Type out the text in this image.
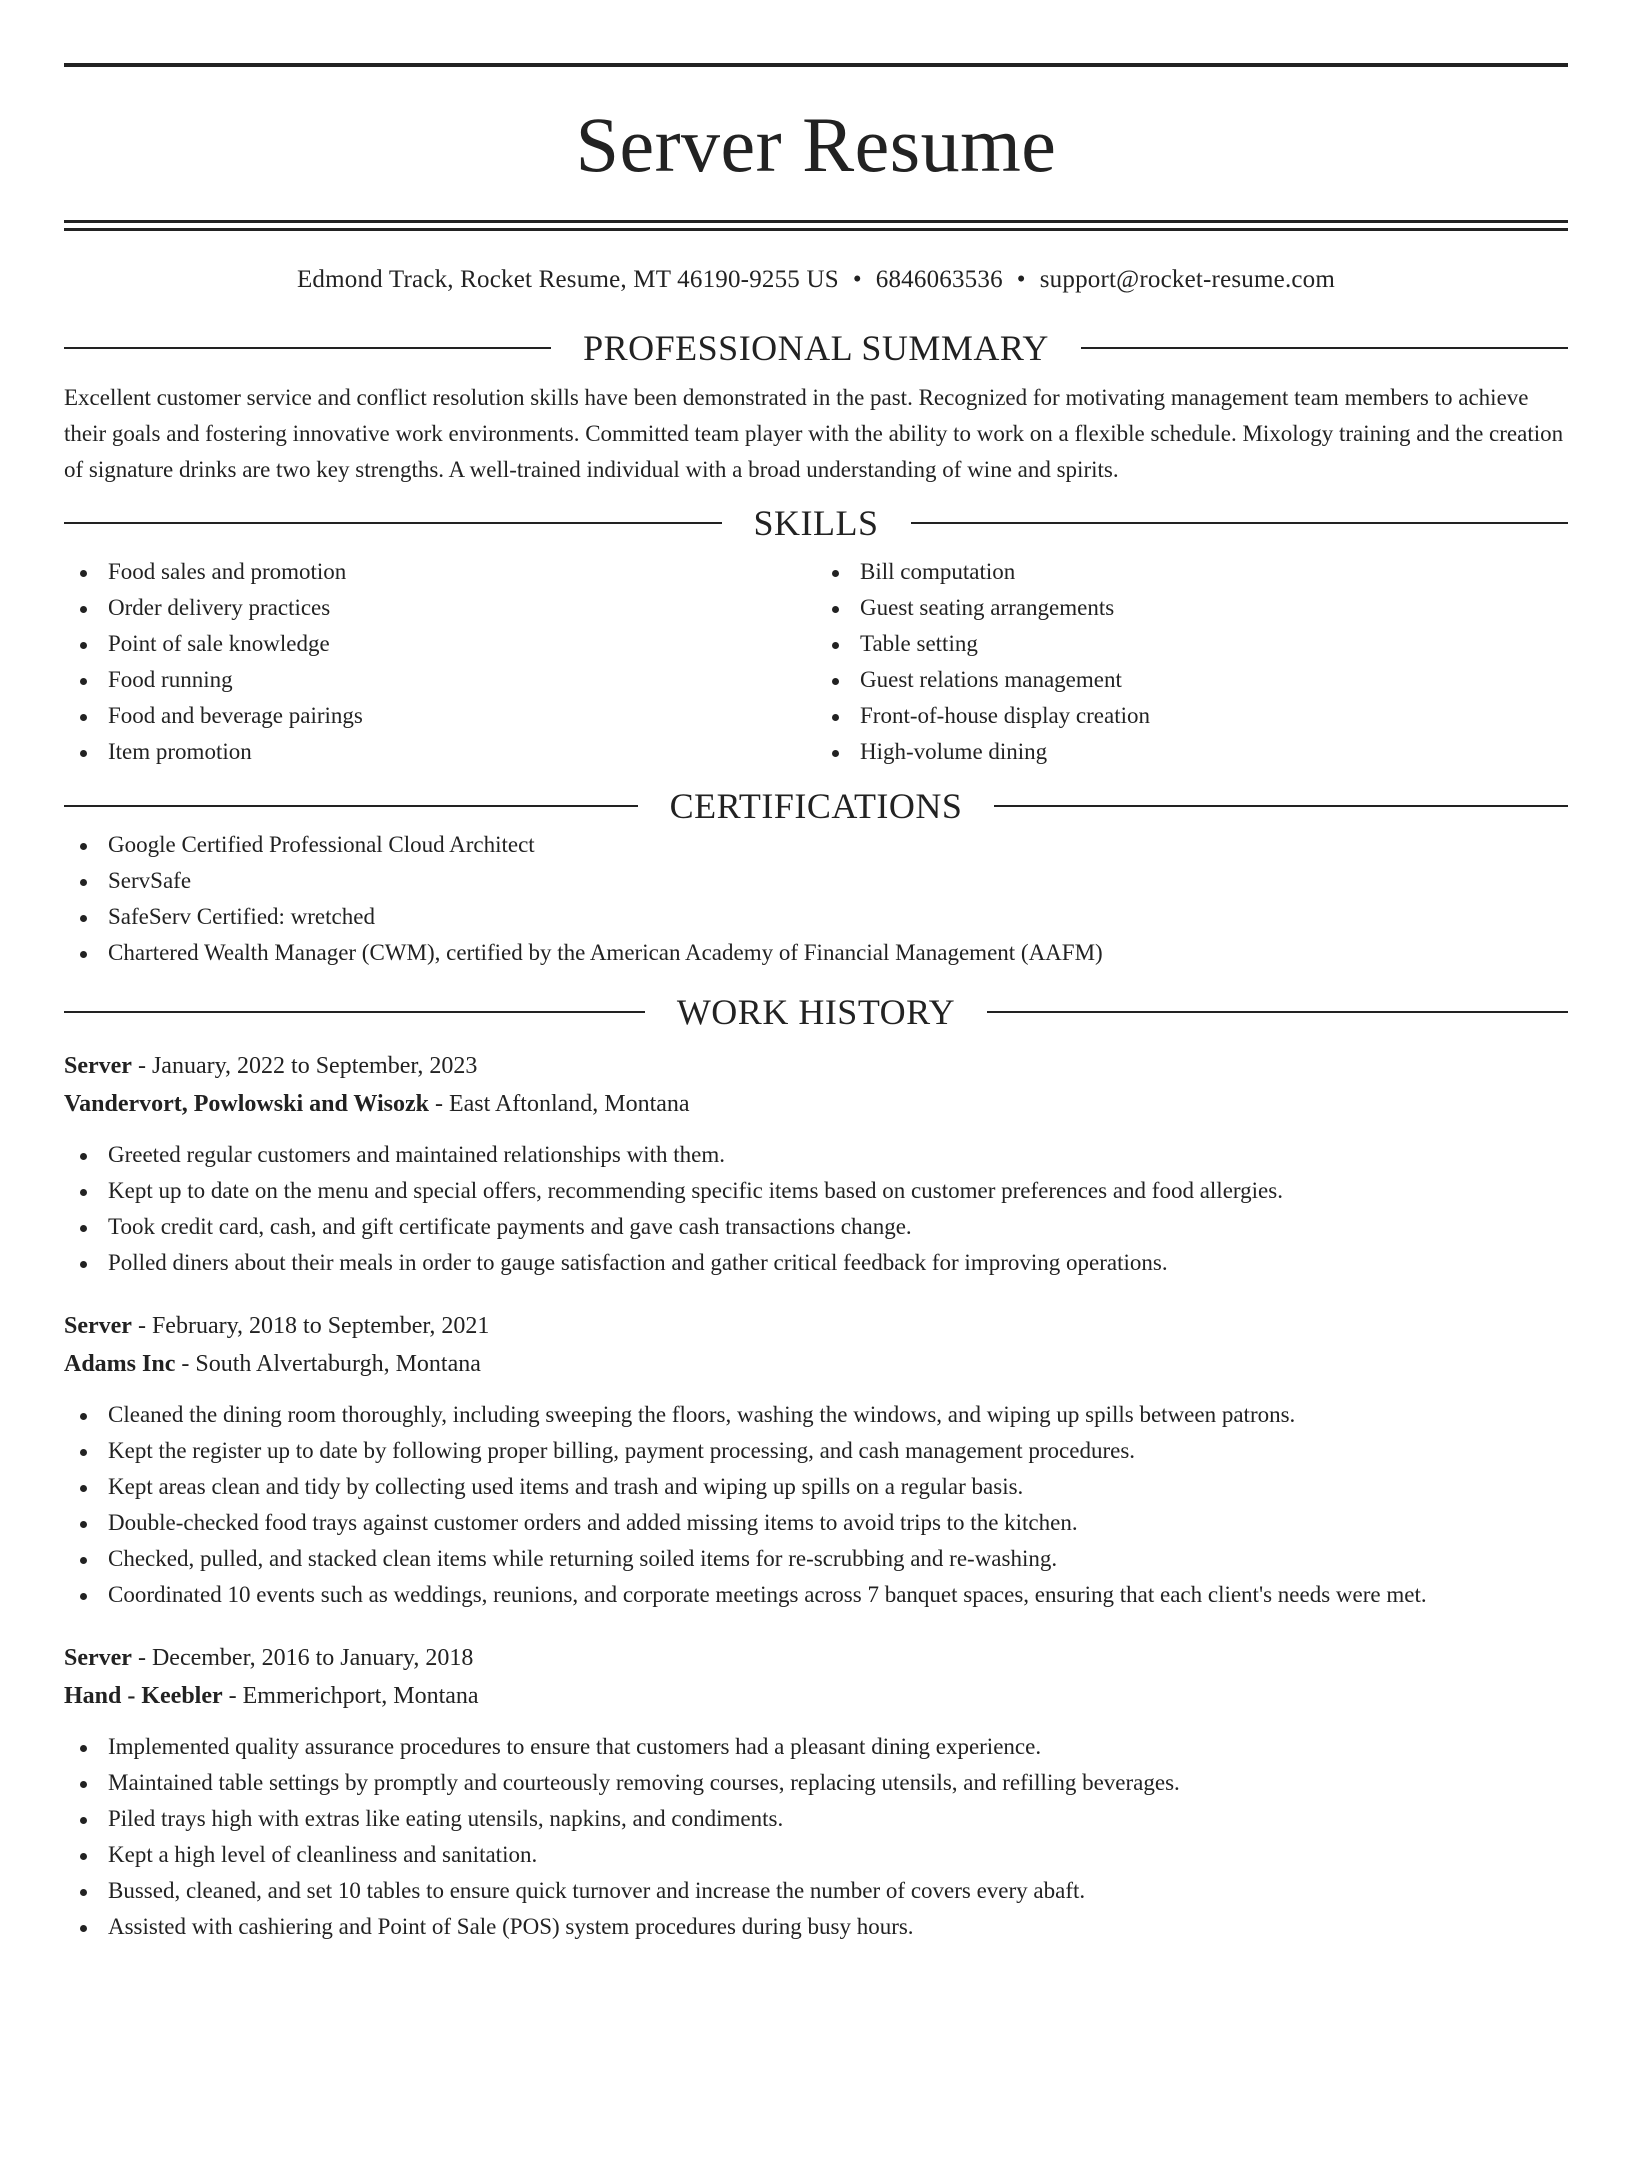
Server Resume
Edmond Track, Rocket Resume, MT 46190-9255 US • 6846063536 • support@rocket-resume.com
PROFESSIONAL SUMMARY

Excellent customer service and conflict resolution skills have been demonstrated in the past. Recognized for motivating management team members to achieve their goals and fostering innovative work environments. Committed team player with the ability to work on a flexible schedule. Mixology training and the creation of signature drinks are two key strengths. A well-trained individual with a broad understanding of wine and spirits.

SKILLS
Food sales and promotion
Order delivery practices
Point of sale knowledge
Food running
Food and beverage pairings
Item promotion
Bill computation
Guest seating arrangements
Table setting
Guest relations management
Front-of-house display creation
High-volume dining
CERTIFICATIONS
Google Certified Professional Cloud Architect
ServSafe
SafeServ Certified: wretched
Chartered Wealth Manager (CWM), certified by the American Academy of Financial Management (AAFM)
WORK HISTORY
Server - January, 2022 to September, 2023
Vandervort, Powlowski and Wisozk - East Aftonland, Montana
Greeted regular customers and maintained relationships with them.
Kept up to date on the menu and special offers, recommending specific items based on customer preferences and food allergies.
Took credit card, cash, and gift certificate payments and gave cash transactions change.
Polled diners about their meals in order to gauge satisfaction and gather critical feedback for improving operations.
Server - February, 2018 to September, 2021
Adams Inc - South Alvertaburgh, Montana
Cleaned the dining room thoroughly, including sweeping the floors, washing the windows, and wiping up spills between patrons.
Kept the register up to date by following proper billing, payment processing, and cash management procedures.
Kept areas clean and tidy by collecting used items and trash and wiping up spills on a regular basis.
Double-checked food trays against customer orders and added missing items to avoid trips to the kitchen.
Checked, pulled, and stacked clean items while returning soiled items for re-scrubbing and re-washing.
Coordinated 10 events such as weddings, reunions, and corporate meetings across 7 banquet spaces, ensuring that each client's needs were met.
Server - December, 2016 to January, 2018
Hand - Keebler - Emmerichport, Montana
Implemented quality assurance procedures to ensure that customers had a pleasant dining experience.
Maintained table settings by promptly and courteously removing courses, replacing utensils, and refilling beverages.
Piled trays high with extras like eating utensils, napkins, and condiments.
Kept a high level of cleanliness and sanitation.
Bussed, cleaned, and set 10 tables to ensure quick turnover and increase the number of covers every abaft.
Assisted with cashiering and Point of Sale (POS) system procedures during busy hours.
